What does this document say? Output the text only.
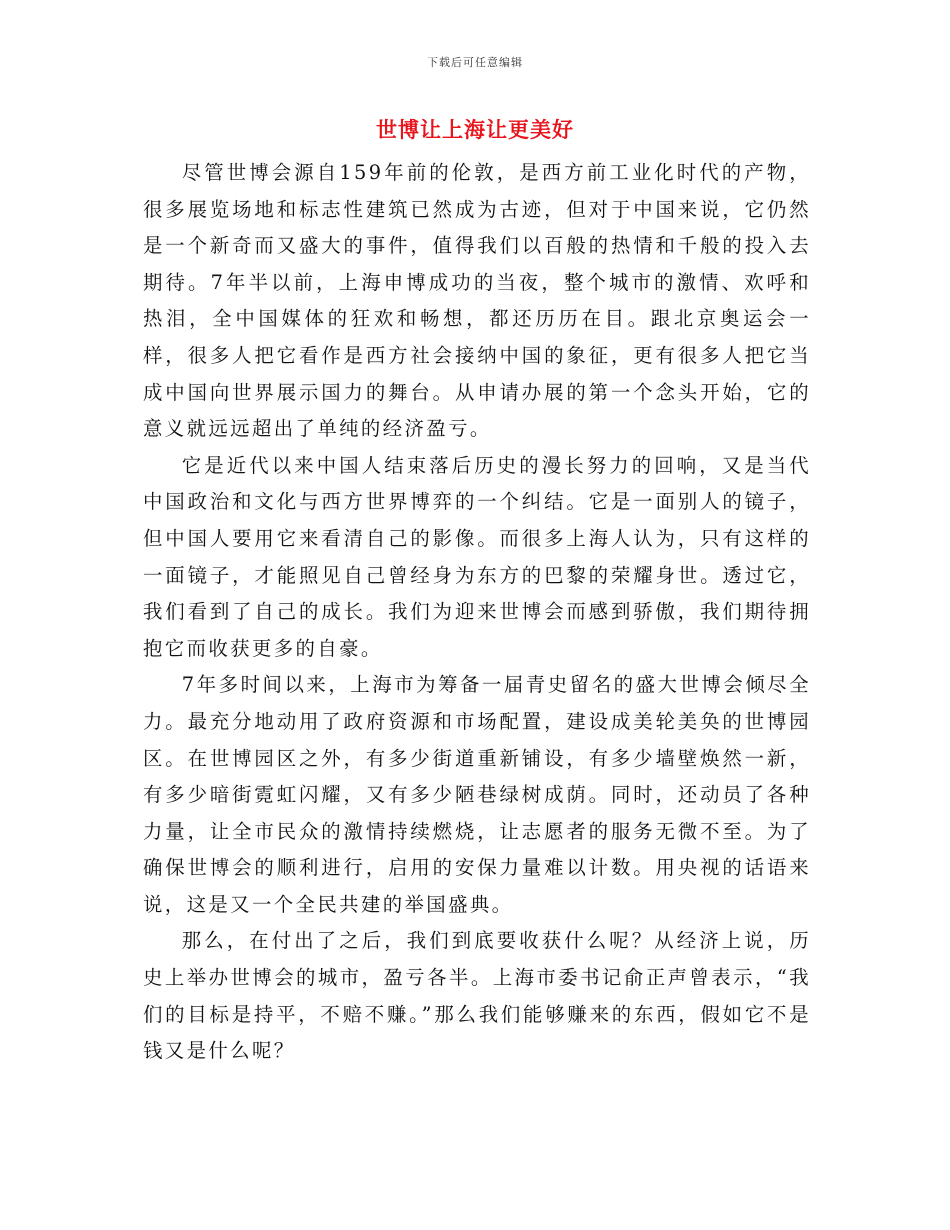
下载后可任意编辑
世博让上海让更美好

尽管世博会源自159年前的伦敦，是西方前工业化时代的产物，很多展览场地和标志性建筑已然成为古迹，但对于中国来说，它仍然是一个新奇而又盛大的事件，值得我们以百般的热情和千般的投入去期待。7年半以前，上海申博成功的当夜，整个城市的激情、欢呼和热泪，全中国媒体的狂欢和畅想，都还历历在目。跟北京奥运会一样，很多人把它看作是西方社会接纳中国的象征，更有很多人把它当成中国向世界展示国力的舞台。从申请办展的第一个念头开始，它的意义就远远超出了单纯的经济盈亏。

它是近代以来中国人结束落后历史的漫长努力的回响，又是当代中国政治和文化与西方世界博弈的一个纠结。它是一面别人的镜子，但中国人要用它来看清自己的影像。而很多上海人认为，只有这样的一面镜子，才能照见自己曾经身为东方的巴黎的荣耀身世。透过它，我们看到了自己的成长。我们为迎来世博会而感到骄傲，我们期待拥抱它而收获更多的自豪。

7年多时间以来，上海市为筹备一届青史留名的盛大世博会倾尽全力。最充分地动用了政府资源和市场配置，建设成美轮美奂的世博园区。在世博园区之外，有多少街道重新铺设，有多少墙壁焕然一新，有多少暗街霓虹闪耀，又有多少陋巷绿树成荫。同时，还动员了各种力量，让全市民众的激情持续燃烧，让志愿者的服务无微不至。为了确保世博会的顺利进行，启用的安保力量难以计数。用央视的话语来说，这是又一个全民共建的举国盛典。

那么，在付出了之后，我们到底要收获什么呢？从经济上说，历史上举办世博会的城市，盈亏各半。上海市委书记俞正声曾表示，“我们的目标是持平，不赔不赚。”那么我们能够赚来的东西，假如它不是钱又是什么呢？
